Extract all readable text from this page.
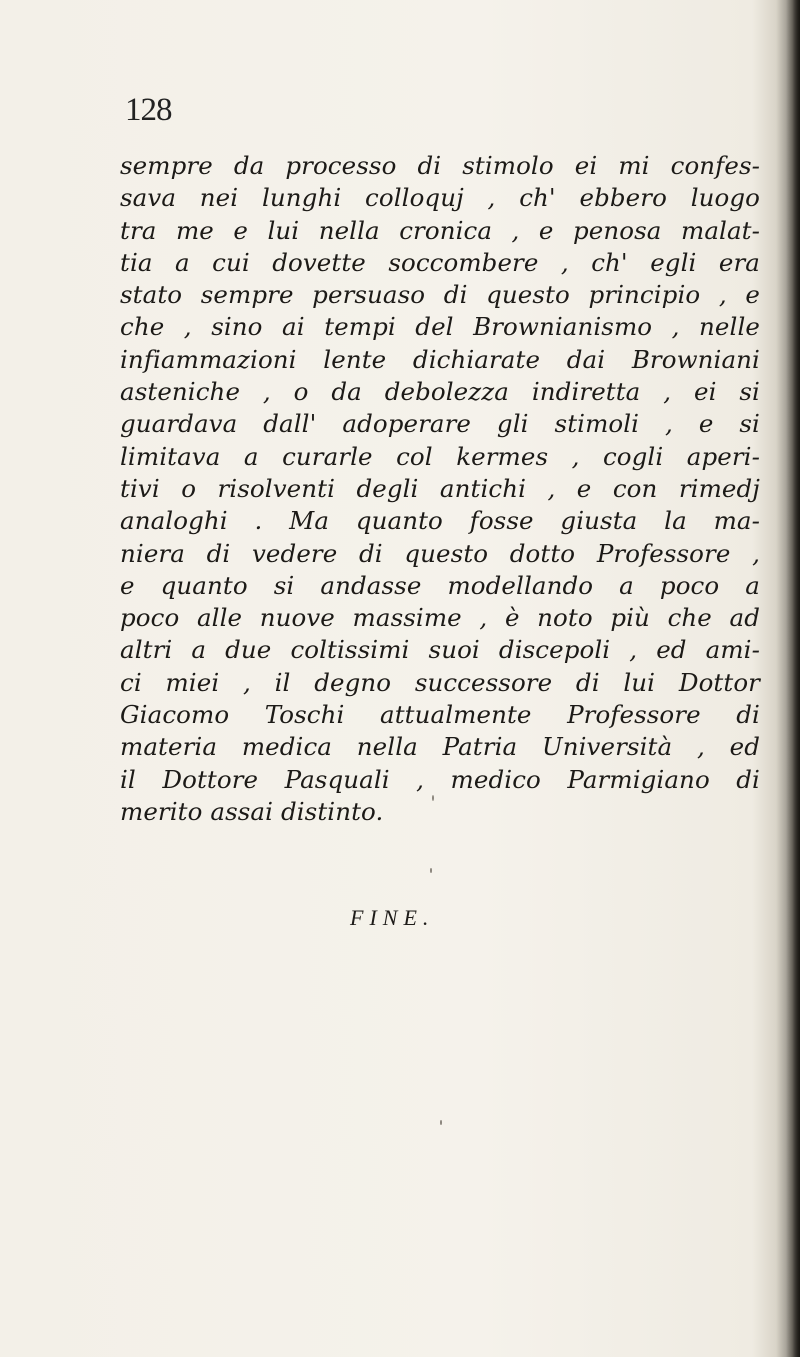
128
sempre da processo di stimolo ei mi confes-
sava nei lunghi colloquj , ch' ebbero luogo
tra me e lui nella cronica , e penosa malat-
tia a cui dovette soccombere , ch' egli era
stato sempre persuaso di questo principio , e
che , sino ai tempi del Brownianismo , nelle
infiammazioni lente dichiarate dai Browniani
asteniche , o da debolezza indiretta , ei si
guardava dall' adoperare gli stimoli , e si
limitava a curarle col kermes , cogli aperi-
tivi o risolventi degli antichi , e con rimedj
analoghi . Ma quanto fosse giusta la ma-
niera di vedere di questo dotto Professore ,
e quanto si andasse modellando a poco a
poco alle nuove massime , è noto più che ad
altri a due coltissimi suoi discepoli , ed ami-
ci miei , il degno successore di lui Dottor
Giacomo Toschi attualmente Professore di
materia medica nella Patria Università , ed
il Dottore Pasquali , medico Parmigiano di
merito assai distinto.
FINE.
